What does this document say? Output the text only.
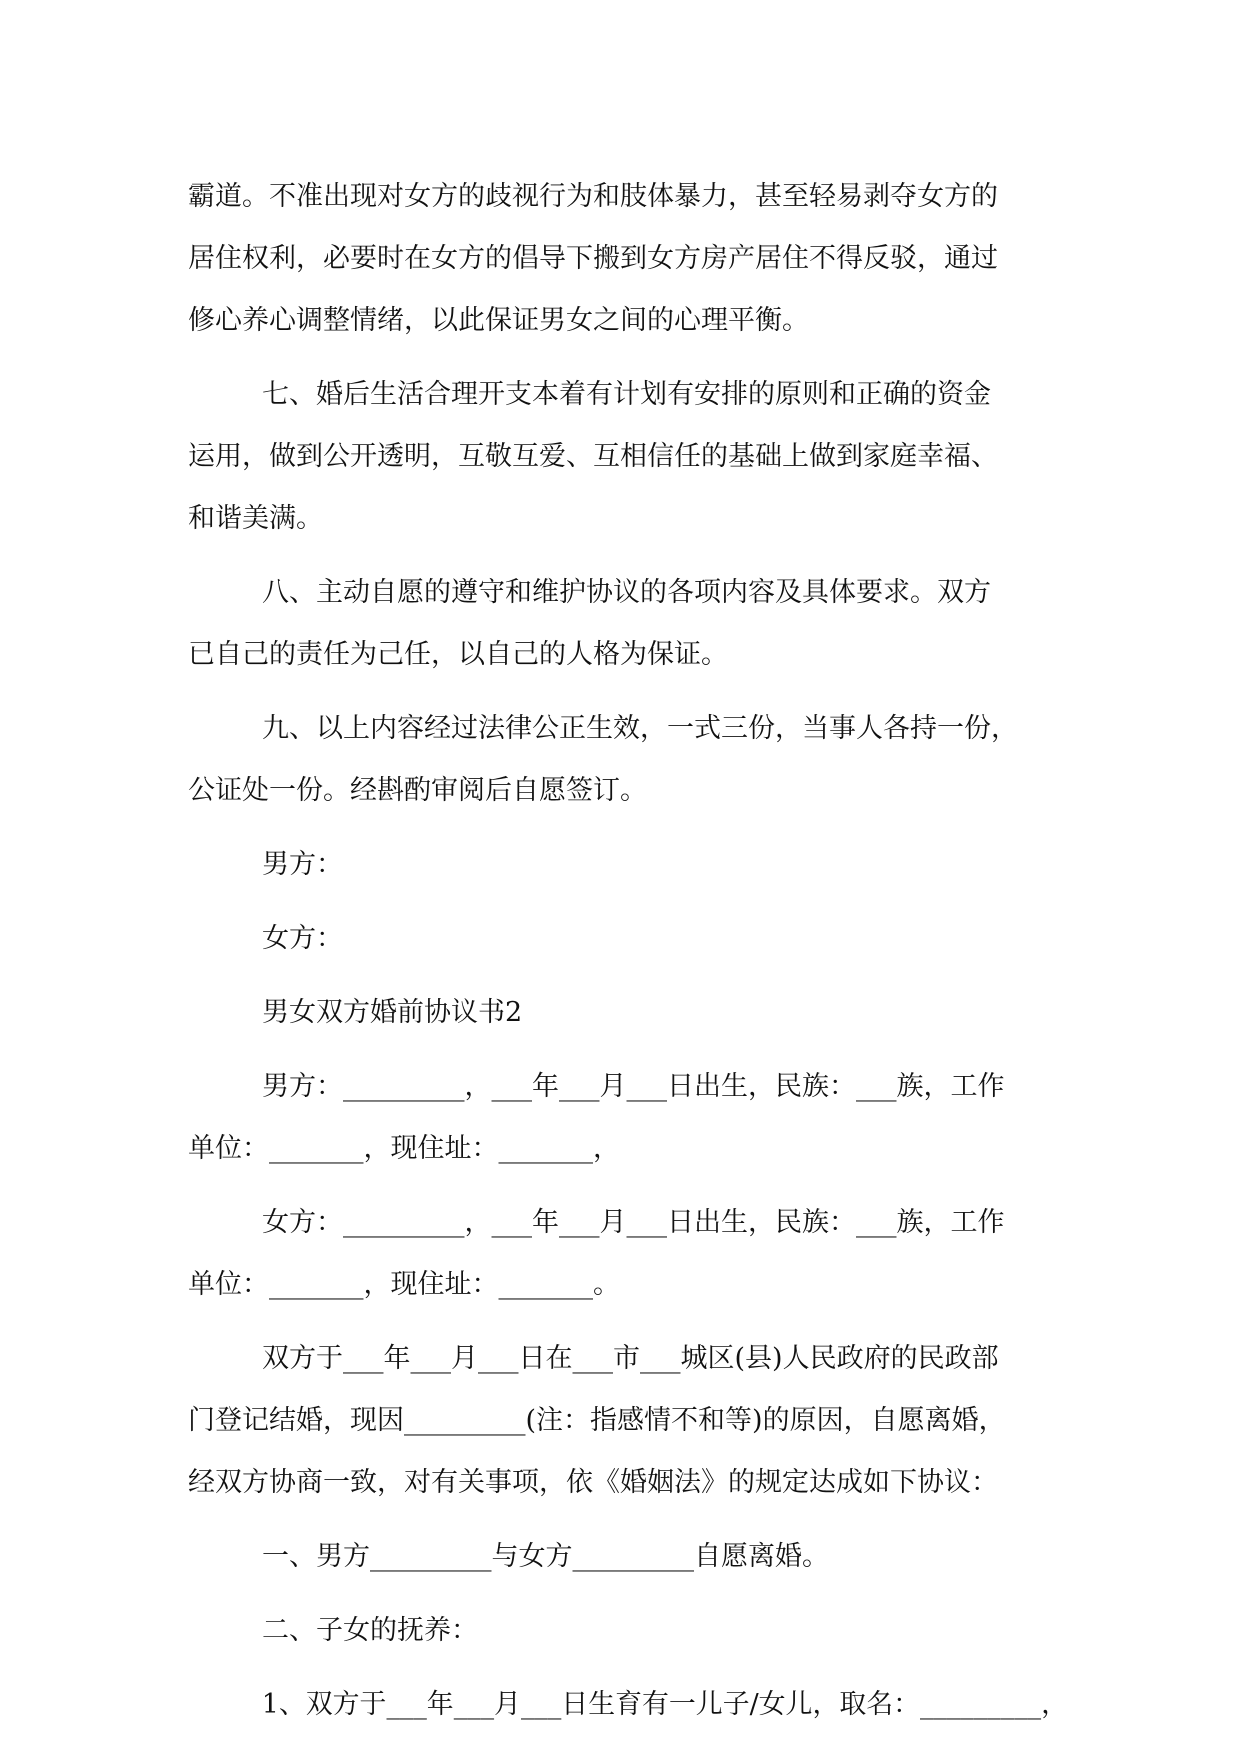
霸道。不准出现对女方的歧视行为和肢体暴力，甚至轻易剥夺女方的
居住权利，必要时在女方的倡导下搬到女方房产居住不得反驳，通过
修心养心调整情绪，以此保证男女之间的心理平衡。

七、婚后生活合理开支本着有计划有安排的原则和正确的资金
运用，做到公开透明，互敬互爱、互相信任的基础上做到家庭幸福、
和谐美满。

八、主动自愿的遵守和维护协议的各项内容及具体要求。双方
已自己的责任为己任，以自己的人格为保证。

九、以上内容经过法律公正生效，一式三份，当事人各持一份，
公证处一份。经斟酌审阅后自愿签订。

男方：

女方：

男女双方婚前协议书2

男方：_________，___年___月___日出生，民族：___族，工作
单位：_______，现住址：_______，

女方：_________，___年___月___日出生，民族：___族，工作
单位：_______，现住址：_______。

双方于___年___月___日在___市___城区(县)人民政府的民政部
门登记结婚，现因_________(注：指感情不和等)的原因，自愿离婚，
经双方协商一致，对有关事项，依《婚姻法》的规定达成如下协议：

一、男方_________与女方_________自愿离婚。

二、子女的抚养：

1、双方于___年___月___日生育有一儿子/女儿，取名：_________，
